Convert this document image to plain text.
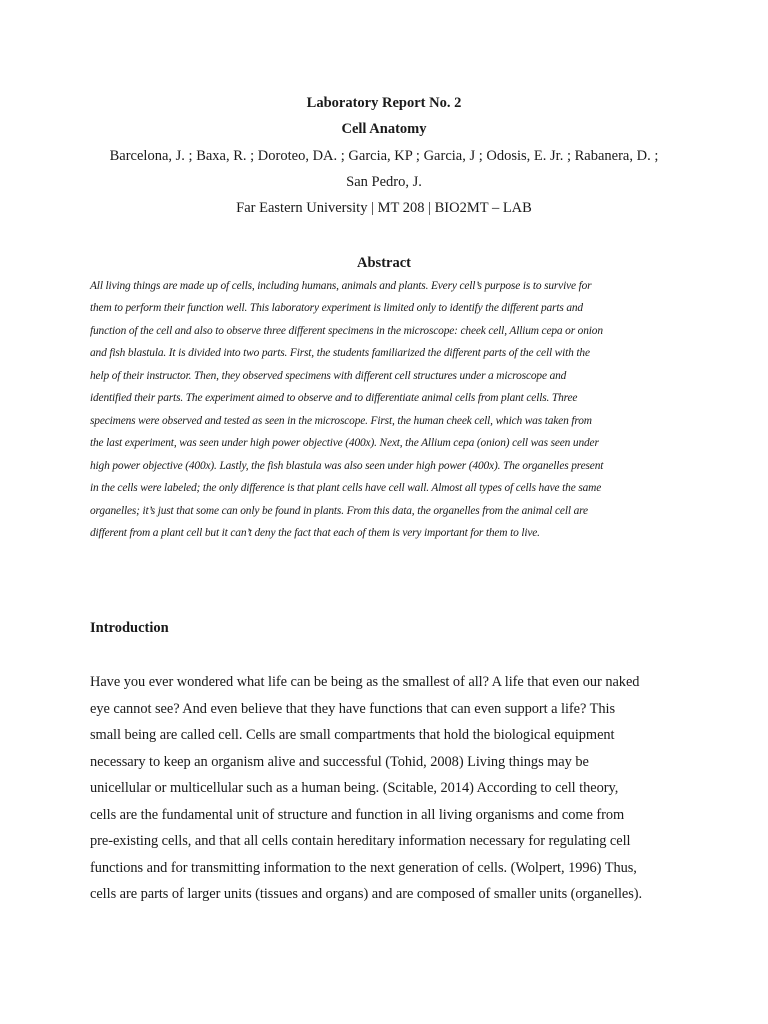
Laboratory Report No. 2
Cell Anatomy
Barcelona, J. ; Baxa, R. ; Doroteo, DA. ; Garcia, KP ; Garcia, J ; Odosis, E. Jr. ; Rabanera, D. ;
San Pedro, J.
Far Eastern University | MT 208 | BIO2MT – LAB
Abstract
All living things are made up of cells, including humans, animals and plants. Every cell’s purpose is to survive for
them to perform their function well. This laboratory experiment is limited only to identify the different parts and
function of the cell and also to observe three different specimens in the microscope: cheek cell, Allium cepa or onion
and fish blastula. It is divided into two parts. First, the students familiarized the different parts of the cell with the
help of their instructor. Then, they observed specimens with different cell structures under a microscope and
identified their parts. The experiment aimed to observe and to differentiate animal cells from plant cells. Three
specimens were observed and tested as seen in the microscope. First, the human cheek cell, which was taken from
the last experiment, was seen under high power objective (400x). Next, the Allium cepa (onion) cell was seen under
high power objective (400x). Lastly, the fish blastula was also seen under high power (400x). The organelles present
in the cells were labeled; the only difference is that plant cells have cell wall. Almost all types of cells have the same
organelles; it’s just that some can only be found in plants. From this data, the organelles from the animal cell are
different from a plant cell but it can’t deny the fact that each of them is very important for them to live.
Introduction
Have you ever wondered what life can be being as the smallest of all? A life that even our naked
eye cannot see? And even believe that they have functions that can even support a life? This
small being are called cell. Cells are small compartments that hold the biological equipment
necessary to keep an organism alive and successful (Tohid, 2008) Living things may be
unicellular or multicellular such as a human being. (Scitable, 2014) According to cell theory,
cells are the fundamental unit of structure and function in all living organisms and come from
pre-existing cells, and that all cells contain hereditary information necessary for regulating cell
functions and for transmitting information to the next generation of cells. (Wolpert, 1996) Thus,
cells are parts of larger units (tissues and organs) and are composed of smaller units (organelles).
